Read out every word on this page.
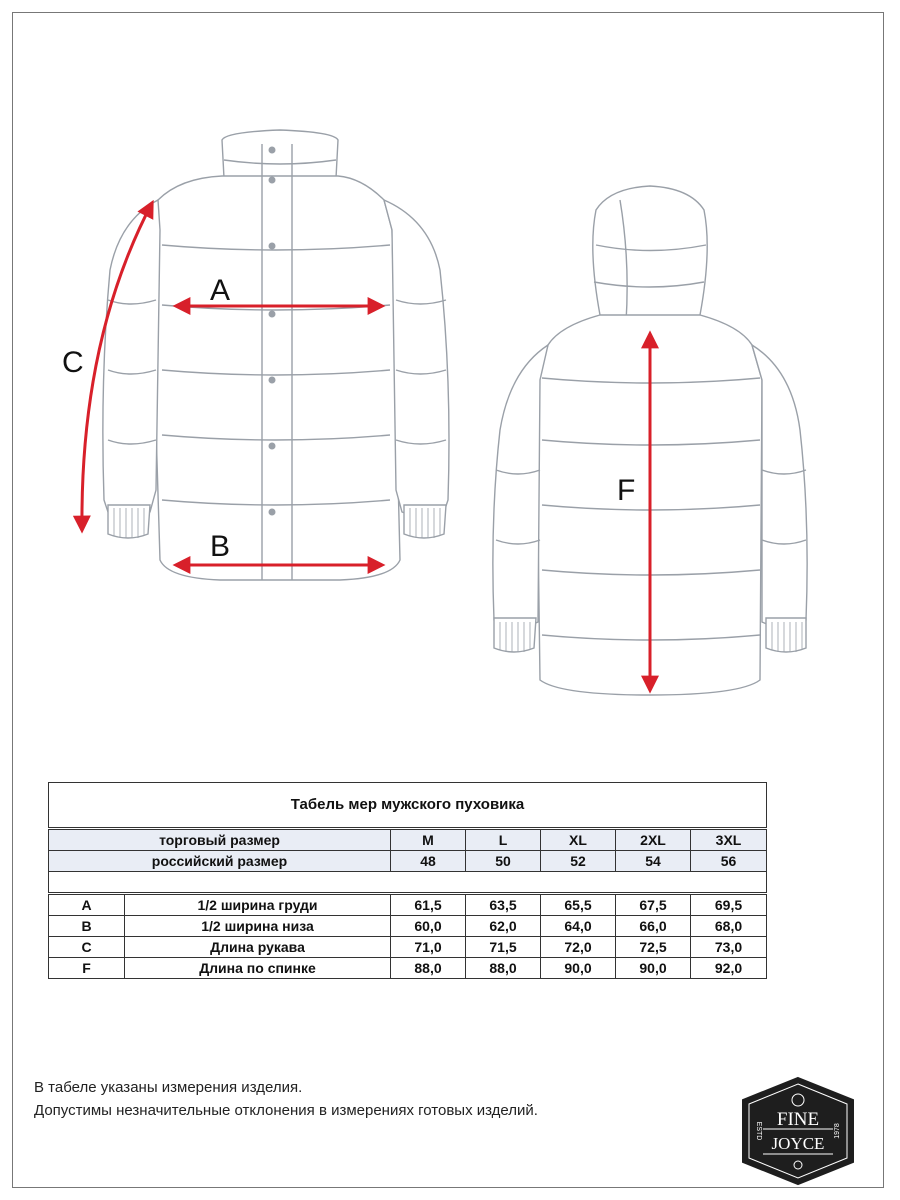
A
B
C
F
Табель мер мужского пуховика						
торговый размер		M	L	XL	2XL	3XL
российский размер		48	50	52	54	56

A	1/2 ширина груди	61,5	63,5	65,5	67,5	69,5
B	1/2 ширина низа	60,0	62,0	64,0	66,0	68,0
C	Длина рукава	71,0	71,5	72,0	72,5	73,0
F	Длина по спинке	88,0	88,0	90,0	90,0	92,0
В табеле указаны измерения изделия.
Допустимы незначительные отклонения в измерениях готовых изделий.	FINE
JOYCE
ESTD	1978
